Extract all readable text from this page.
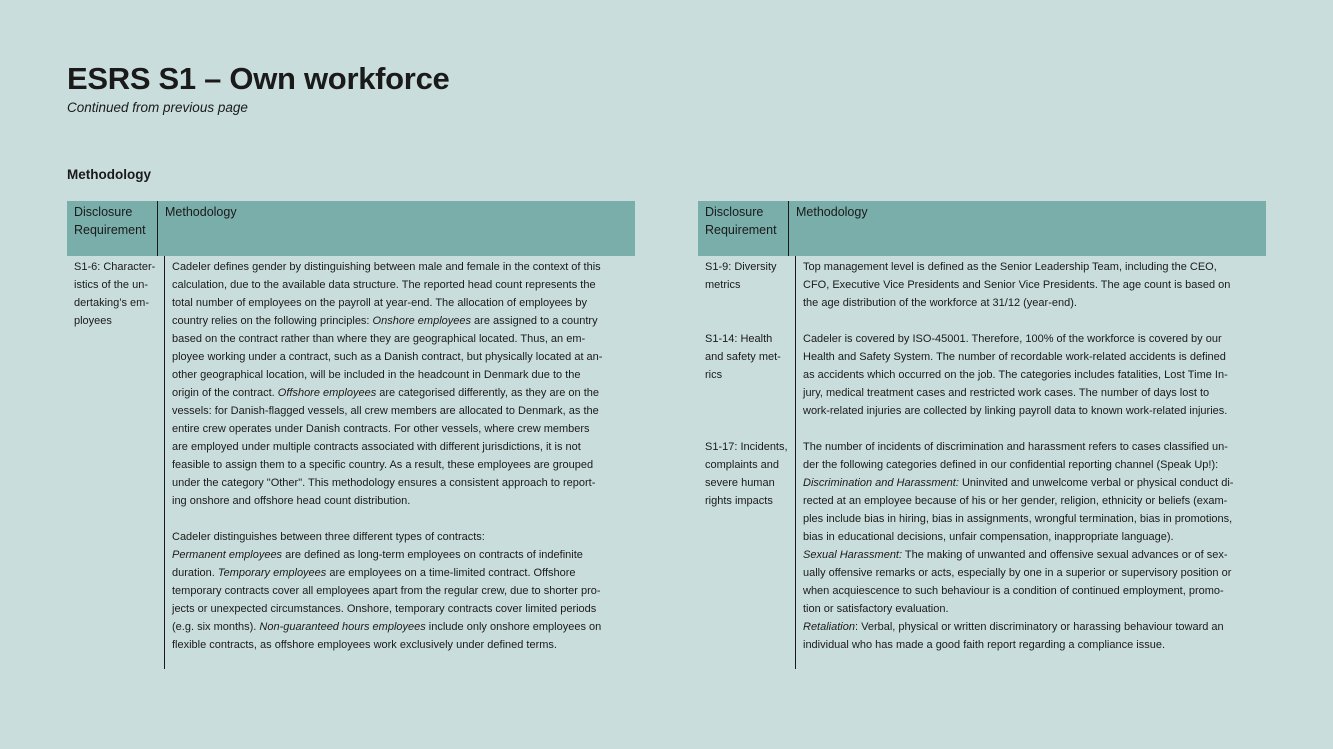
ESRS S1 – Own workforce
Continued from previous page
Methodology
Disclosure
Requirement
Methodology
S1-6: Character-
istics of the un-
dertaking’s em-
ployees
Cadeler defines gender by distinguishing between male and female in the context of this
calculation, due to the available data structure. The reported head count represents the
total number of employees on the payroll at year-end. The allocation of employees by
country relies on the following principles: Onshore employees are assigned to a country
based on the contract rather than where they are geographical located. Thus, an em-
ployee working under a contract, such as a Danish contract, but physically located at an-
other geographical location, will be included in the headcount in Denmark due to the
origin of the contract. Offshore employees are categorised differently, as they are on the
vessels: for Danish-flagged vessels, all crew members are allocated to Denmark, as the
entire crew operates under Danish contracts. For other vessels, where crew members
are employed under multiple contracts associated with different jurisdictions, it is not
feasible to assign them to a specific country. As a result, these employees are grouped
under the category "Other". This methodology ensures a consistent approach to report-
ing onshore and offshore head count distribution.
Cadeler distinguishes between three different types of contracts:
Permanent employees are defined as long-term employees on contracts of indefinite
duration. Temporary employees are employees on a time-limited contract. Offshore
temporary contracts cover all employees apart from the regular crew, due to shorter pro-
jects or unexpected circumstances. Onshore, temporary contracts cover limited periods
(e.g. six months). Non-guaranteed hours employees include only onshore employees on
flexible contracts, as offshore employees work exclusively under defined terms.
Disclosure
Requirement
Methodology
S1-9: Diversity
metrics
S1-14: Health
and safety met-
rics
S1-17: Incidents,
complaints and
severe human
rights impacts
Top management level is defined as the Senior Leadership Team, including the CEO,
CFO, Executive Vice Presidents and Senior Vice Presidents. The age count is based on
the age distribution of the workforce at 31/12 (year-end).
Cadeler is covered by ISO-45001. Therefore, 100% of the workforce is covered by our
Health and Safety System. The number of recordable work-related accidents is defined
as accidents which occurred on the job. The categories includes fatalities, Lost Time In-
jury, medical treatment cases and restricted work cases. The number of days lost to
work-related injuries are collected by linking payroll data to known work-related injuries.
The number of incidents of discrimination and harassment refers to cases classified un-
der the following categories defined in our confidential reporting channel (Speak Up!):
Discrimination and Harassment: Uninvited and unwelcome verbal or physical conduct di-
rected at an employee because of his or her gender, religion, ethnicity or beliefs (exam-
ples include bias in hiring, bias in assignments, wrongful termination, bias in promotions,
bias in educational decisions, unfair compensation, inappropriate language).
Sexual Harassment: The making of unwanted and offensive sexual advances or of sex-
ually offensive remarks or acts, especially by one in a superior or supervisory position or
when acquiescence to such behaviour is a condition of continued employment, promo-
tion or satisfactory evaluation.
Retaliation: Verbal, physical or written discriminatory or harassing behaviour toward an
individual who has made a good faith report regarding a compliance issue.
